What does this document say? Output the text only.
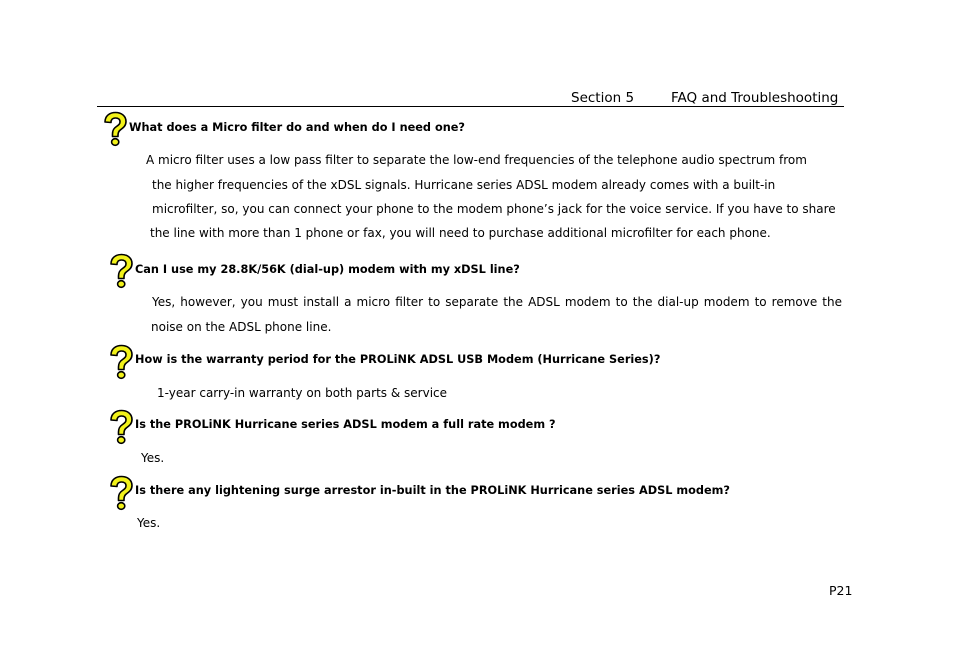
Section 5	FAQ and Troubleshooting
What does a Micro filter do and when do I need one?
A micro filter uses a low pass filter to separate the low-end frequencies of the telephone audio spectrum from
the higher frequencies of the xDSL signals. Hurricane series ADSL modem already comes with a built-in
microfilter, so, you can connect your phone to the modem phone’s jack for the voice service. If you have to share
the line with more than 1 phone or fax, you will need to purchase additional microfilter for each phone.
Can I use my 28.8K/56K (dial-up) modem with my xDSL line?
Yes, however, you must install a micro filter to separate the ADSL modem to the dial-up modem to remove the
noise on the ADSL phone line.
How is the warranty period for the PROLiNK ADSL USB Modem (Hurricane Series)?
1-year carry-in warranty on both parts & service
Is the PROLiNK Hurricane series ADSL modem a full rate modem ?
Yes.
Is there any lightening surge arrestor in-built in the PROLiNK Hurricane series ADSL modem?
Yes.
P21
